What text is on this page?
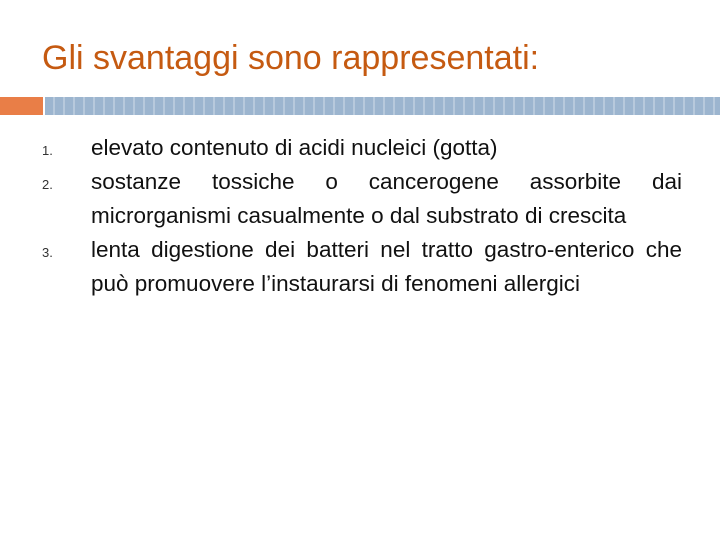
Gli svantaggi sono rappresentati:
1. elevato contenuto di acidi nucleici (gotta)
2. sostanze tossiche o cancerogene assorbite dai microrganismi casualmente o dal substrato di crescita
3. lenta digestione dei batteri nel tratto gastro-enterico che può promuovere l’instaurarsi di fenomeni allergici
